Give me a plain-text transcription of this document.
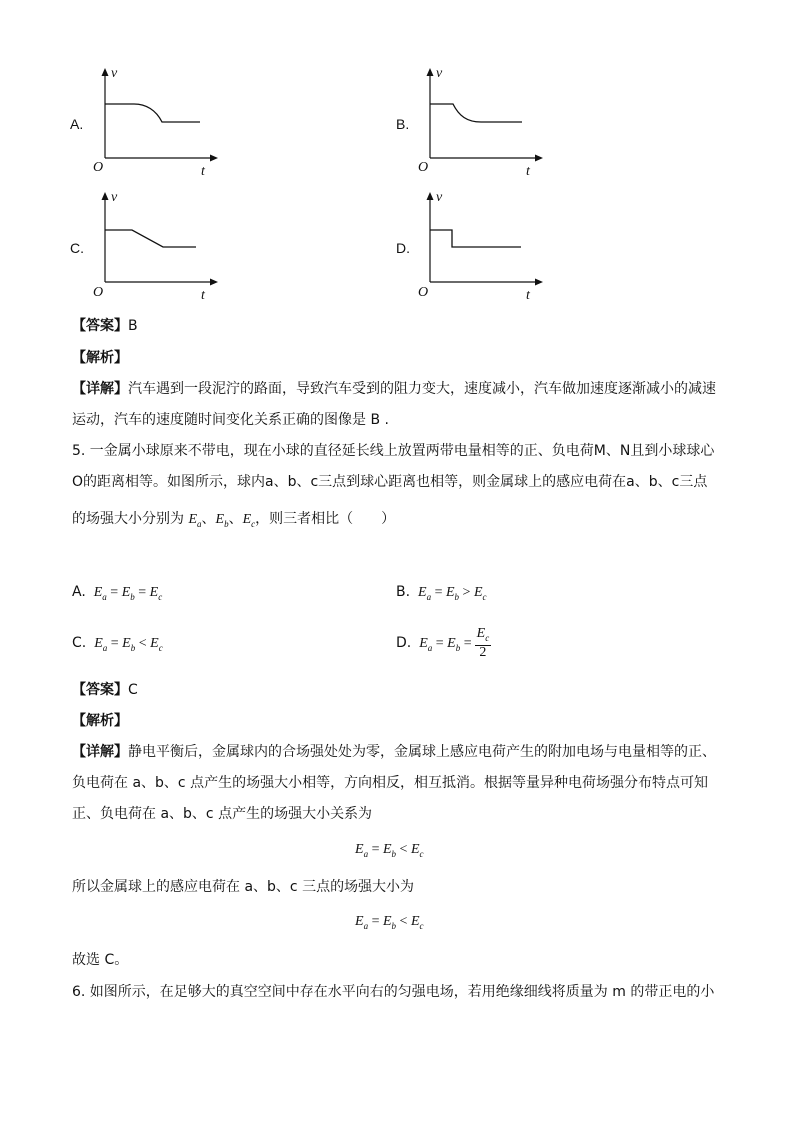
A.
v
O	t
B.
v
O	t
C.
v
O	t
D.
v
O	t
【答案】B
【解析】
【详解】汽车遇到一段泥泞的路面，导致汽车受到的阻力变大，速度减小，汽车做加速度逐渐减小的减速
运动，汽车的速度随时间变化关系正确的图像是 B .
5. 一金属小球原来不带电，现在小球的直径延长线上放置两带电量相等的正、负电荷M、N且到小球球心
O的距离相等。如图所示，球内a、b、c三点到球心距离也相等，则金属球上的感应电荷在a、b、c三点
的场强大小分别为 $E_a$、$E_b$、$E_c$，则三者相比（　　）
A. $E_a = E_b = E_c$	B. $E_a = E_b > E_c$
C. $E_a = E_b < E_c$	D. $E_a = E_b = \frac{E_c}{2}$
【答案】C
【解析】
【详解】静电平衡后，金属球内的合场强处处为零，金属球上感应电荷产生的附加电场与电量相等的正、
负电荷在 a、b、c 点产生的场强大小相等，方向相反，相互抵消。根据等量异种电荷场强分布特点可知
正、负电荷在 a、b、c 点产生的场强大小关系为
$E_a = E_b < E_c$
所以金属球上的感应电荷在 a、b、c 三点的场强大小为
$E_a = E_b < E_c$
故选 C。
6. 如图所示，在足够大的真空空间中存在水平向右的匀强电场，若用绝缘细线将质量为 m 的带正电的小
